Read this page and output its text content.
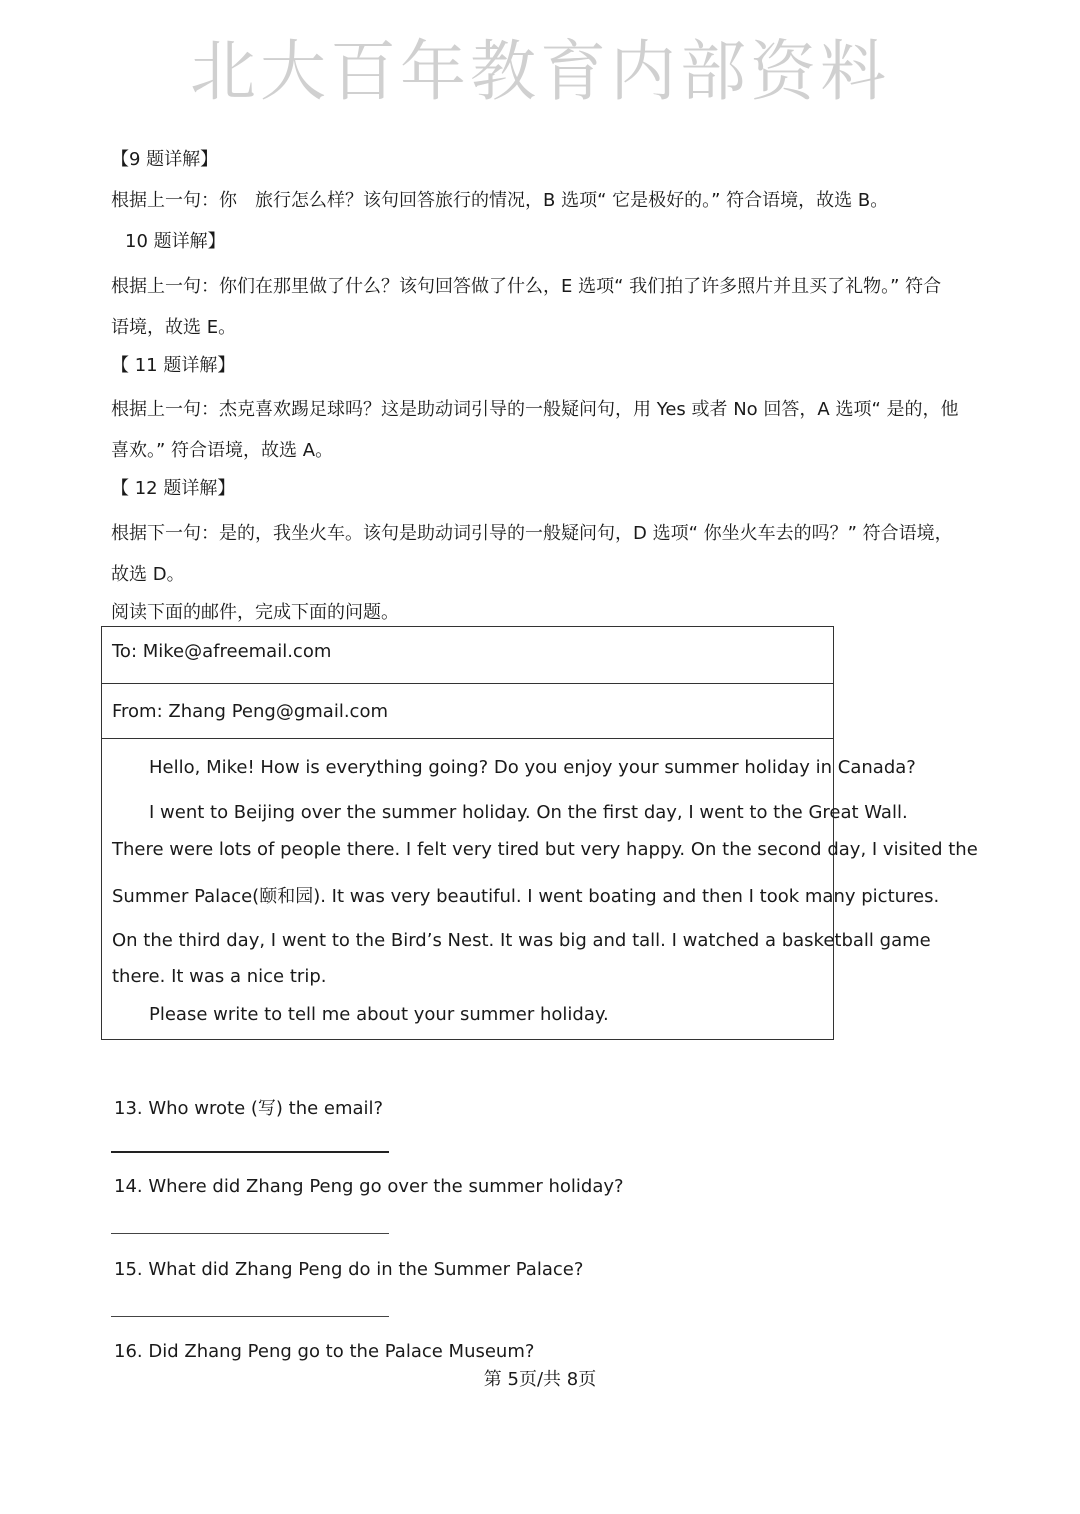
北大百年教育内部资料
【9 题详解】
根据上一句：你　旅行怎么样？该句回答旅行的情况，B 选项“ 它是极好的。” 符合语境，故选 B。
10 题详解】
根据上一句：你们在那里做了什么？该句回答做了什么，E 选项“ 我们拍了许多照片并且买了礼物。” 符合
语境，故选 E。
【 11 题详解】
根据上一句：杰克喜欢踢足球吗？这是助动词引导的一般疑问句，用 Yes 或者 No 回答，A 选项“ 是的，他
喜欢。” 符合语境，故选 A。
【 12 题详解】
根据下一句：是的，我坐火车。该句是助动词引导的一般疑问句，D 选项“ 你坐火车去的吗？” 符合语境，
故选 D。
阅读下面的邮件，完成下面的问题。
To: Mike@afreemail.com
From: Zhang Peng@gmail.com
Hello, Mike! How is everything going? Do you enjoy your summer holiday in Canada?
I went to Beijing over the summer holiday. On the first day, I went to the Great Wall.
There were lots of people there. I felt very tired but very happy. On the second day, I visited the
Summer Palace(颐和园). It was very beautiful. I went boating and then I took many pictures.
On the third day, I went to the Bird’s Nest. It was big and tall. I watched a basketball game
there. It was a nice trip.
Please write to tell me about your summer holiday.
13. Who wrote (写) the email?
14. Where did Zhang Peng go over the summer holiday?
15. What did Zhang Peng do in the Summer Palace?
16. Did Zhang Peng go to the Palace Museum?
第 5页/共 8页
